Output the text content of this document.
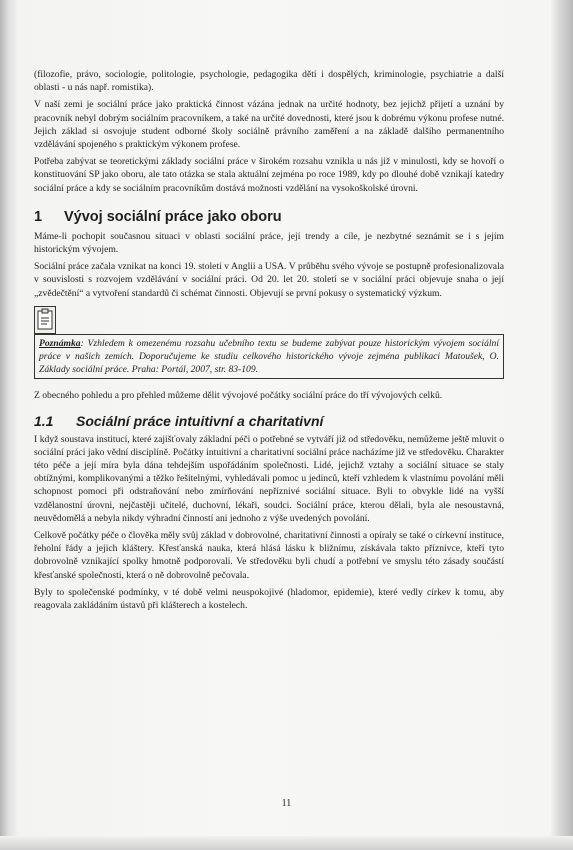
(filozofie, právo, sociologie, politologie, psychologie, pedagogika dětí i dospělých, kriminologie, psychiatrie a další oblasti - u nás např. romistika).

V naší zemi je sociální práce jako praktická činnost vázána jednak na určité hodnoty, bez jejichž přijetí a uznání by pracovník nebyl dobrým sociálním pracovníkem, a také na určité dovednosti, které jsou k dobrému výkonu profese nutné. Jejich základ si osvojuje student odborné školy sociálně právního zaměření a na základě dalšího permanentního vzdělávání spojeného s praktickým výkonem profese.

Potřeba zabývat se teoretickými základy sociální práce v širokém rozsahu vznikla u nás již v minulosti, kdy se hovoří o konstituování SP jako oboru, ale tato otázka se stala aktuální zejména po roce 1989, kdy po dlouhé době vznikají katedry sociální práce a kdy se sociálním pracovníkům dostává možnosti vzdělání na vysokoškolské úrovni.

1	Vývoj sociální práce jako oboru

Máme-li pochopit současnou situaci v oblasti sociální práce, její trendy a cíle, je nezbytné seznámit se i s jejím historickým vývojem.

Sociální práce začala vznikat na konci 19. století v Anglii a USA. V průběhu svého vývoje se postupně profesionalizovala v souvislosti s rozvojem vzdělávání v sociální práci. Od 20. let 20. století se v sociální práci objevuje snaha o její „zvědečtění“ a vytvoření standardů či schémat činnosti. Objevují se první pokusy o systematický výzkum.

Poznámka: Vzhledem k omezenému rozsahu učebního textu se budeme zabývat pouze historickým vývojem sociální práce v našich zemích. Doporučujeme ke studiu celkového historického vývoje zejména publikaci Matoušek, O. Základy sociální práce. Praha: Portál, 2007, str. 83-109.

Z obecného pohledu a pro přehled můžeme dělit vývojové počátky sociální práce do tří vývojových celků.

1.1	Sociální práce intuitivní a charitativní

I když soustava institucí, které zajišťovaly základní péči o potřebné se vytváří již od středověku, nemůžeme ještě mluvit o sociální práci jako vědní disciplíně. Počátky intuitivní a charitativní sociální práce nacházíme již ve středověku. Charakter této péče a její míra byla dána tehdejším uspořádáním společnosti. Lidé, jejichž vztahy a sociální situace se staly obtížnými, komplikovanými a těžko řešitelnými, vyhledávali pomoc u jedinců, kteří vzhledem k vlastnímu povolání měli schopnost pomoci při odstraňování nebo zmírňování nepříznivé sociální situace. Byli to obvykle lidé na vyšší vzdělanostní úrovni, nejčastěji učitelé, duchovní, lékaři, soudci. Sociální práce, kterou dělali, byla ale nesoustavná, neuvědomělá a nebyla nikdy výhradní činností ani jednoho z výše uvedených povolání.

Celkově počátky péče o člověka měly svůj základ v dobrovolné, charitativní činnosti a opíraly se také o církevní instituce, řeholní řády a jejich kláštery. Křesťanská nauka, která hlásá lásku k bližnímu, získávala takto příznivce, kteří tyto dobrovolně vznikající spolky hmotně podporovali. Ve středověku byli chudí a potřební ve smyslu této zásady součástí křesťanské společnosti, která o ně dobrovolně pečovala.

Byly to společenské podmínky, v té době velmi neuspokojivé (hladomor, epidemie), které vedly církev k tomu, aby reagovala zakládáním ústavů při klášterech a kostelech.

11
